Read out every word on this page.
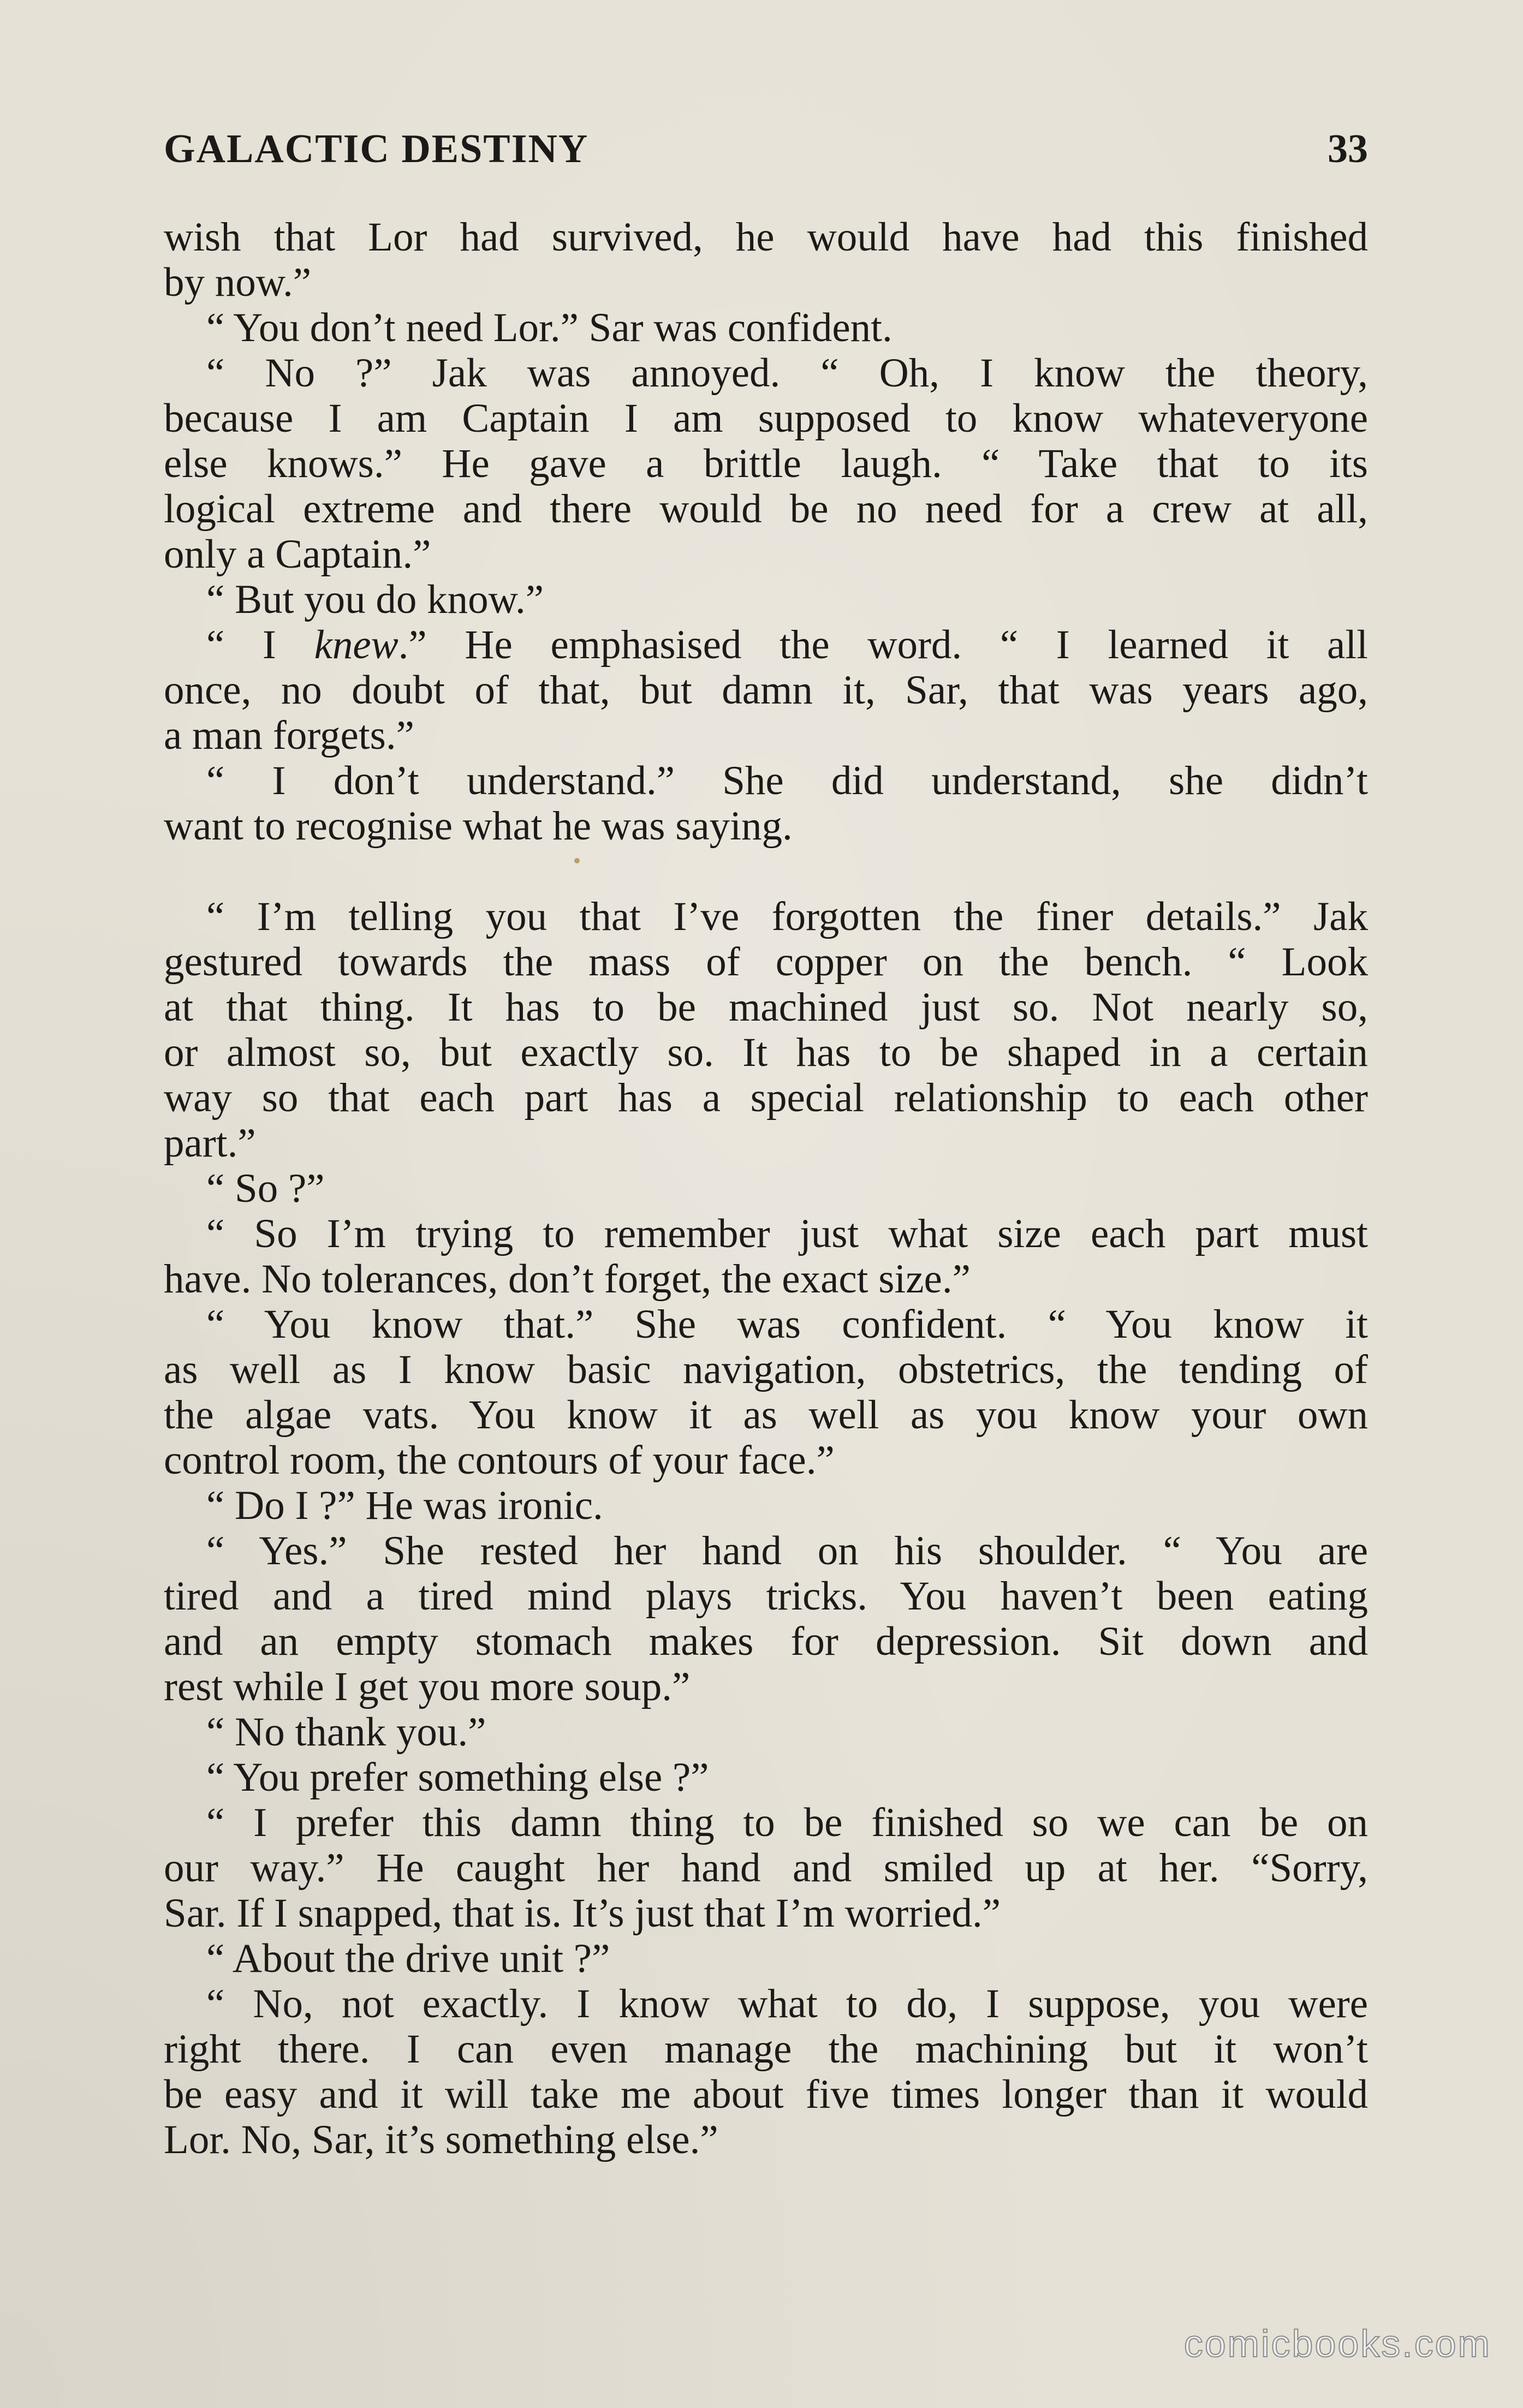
GALACTIC DESTINY	33
wish that Lor had survived, he would have had this finished
by now.”
“ You don’t need Lor.” Sar was confident.
“ No ?” Jak was annoyed. “ Oh, I know the theory,
because I am Captain I am supposed to know whateveryone
else knows.” He gave a brittle laugh. “ Take that to its
logical extreme and there would be no need for a crew at all,
only a Captain.”
“ But you do know.”
“ I knew.” He emphasised the word. “ I learned it all
once, no doubt of that, but damn it, Sar, that was years ago,
a man forgets.”
“ I don’t understand.” She did understand, she didn’t
want to recognise what he was saying.
“ I’m telling you that I’ve forgotten the finer details.” Jak
gestured towards the mass of copper on the bench. “ Look
at that thing. It has to be machined just so. Not nearly so,
or almost so, but exactly so. It has to be shaped in a certain
way so that each part has a special relationship to each other
part.”
“ So ?”
“ So I’m trying to remember just what size each part must
have. No tolerances, don’t forget, the exact size.”
“ You know that.” She was confident. “ You know it
as well as I know basic navigation, obstetrics, the tending of
the algae vats. You know it as well as you know your own
control room, the contours of your face.”
“ Do I ?” He was ironic.
“ Yes.” She rested her hand on his shoulder. “ You are
tired and a tired mind plays tricks. You haven’t been eating
and an empty stomach makes for depression. Sit down and
rest while I get you more soup.”
“ No thank you.”
“ You prefer something else ?”
“ I prefer this damn thing to be finished so we can be on
our way.” He caught her hand and smiled up at her. “Sorry,
Sar. If I snapped, that is. It’s just that I’m worried.”
“ About the drive unit ?”
“ No, not exactly. I know what to do, I suppose, you were
right there. I can even manage the machining but it won’t
be easy and it will take me about five times longer than it would
Lor. No, Sar, it’s something else.”
comicbooks.com
